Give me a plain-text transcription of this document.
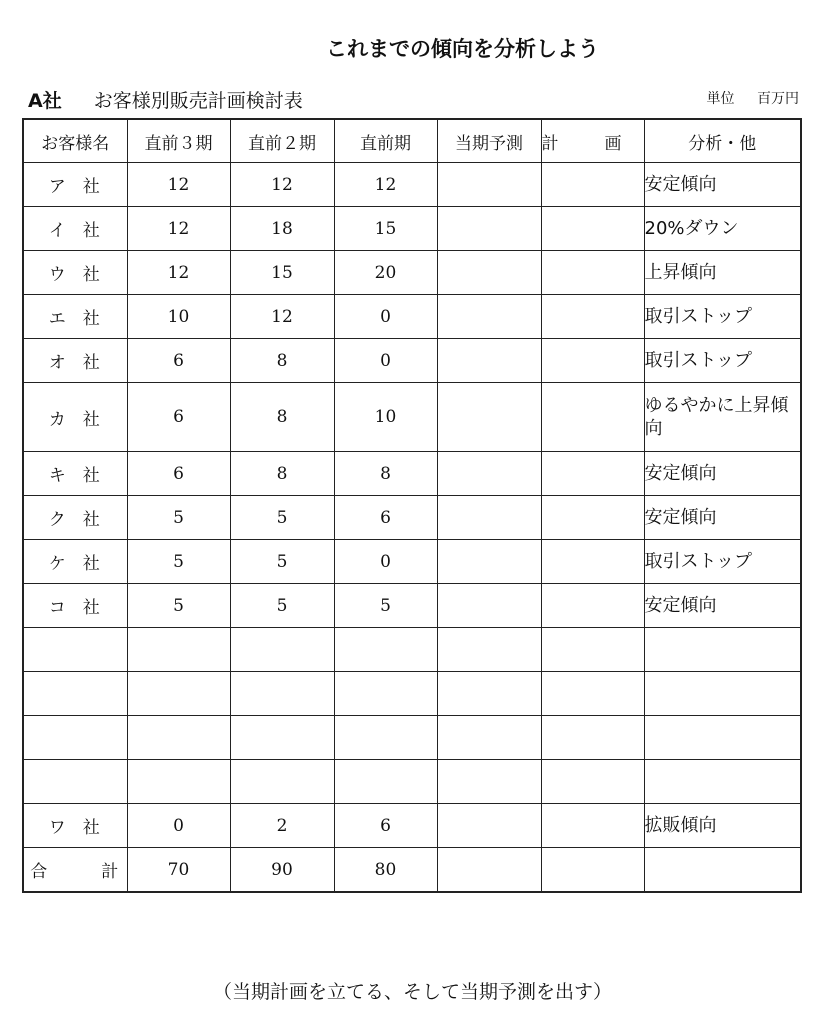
これまでの傾向を分析しよう
A社 お客様別販売計画検討表	単位 百万円
お客様名	直前３期	直前２期	直前期	当期予測	計 画	分析・他
ア 社	12	12	12			安定傾向
イ 社	12	18	15			20%ダウン
ウ 社	12	15	20			上昇傾向
エ 社	10	12	0			取引ストップ
オ 社	6	8	0			取引ストップ
カ 社	6	8	10			ゆるやかに上昇傾向
キ 社	6	8	8			安定傾向
ク 社	5	5	6			安定傾向
ケ 社	5	5	0			取引ストップ
コ 社	5	5	5			安定傾向

ワ 社	0	2	6			拡販傾向
合 計	70	90	80			
（当期計画を立てる、そして当期予測を出す）
